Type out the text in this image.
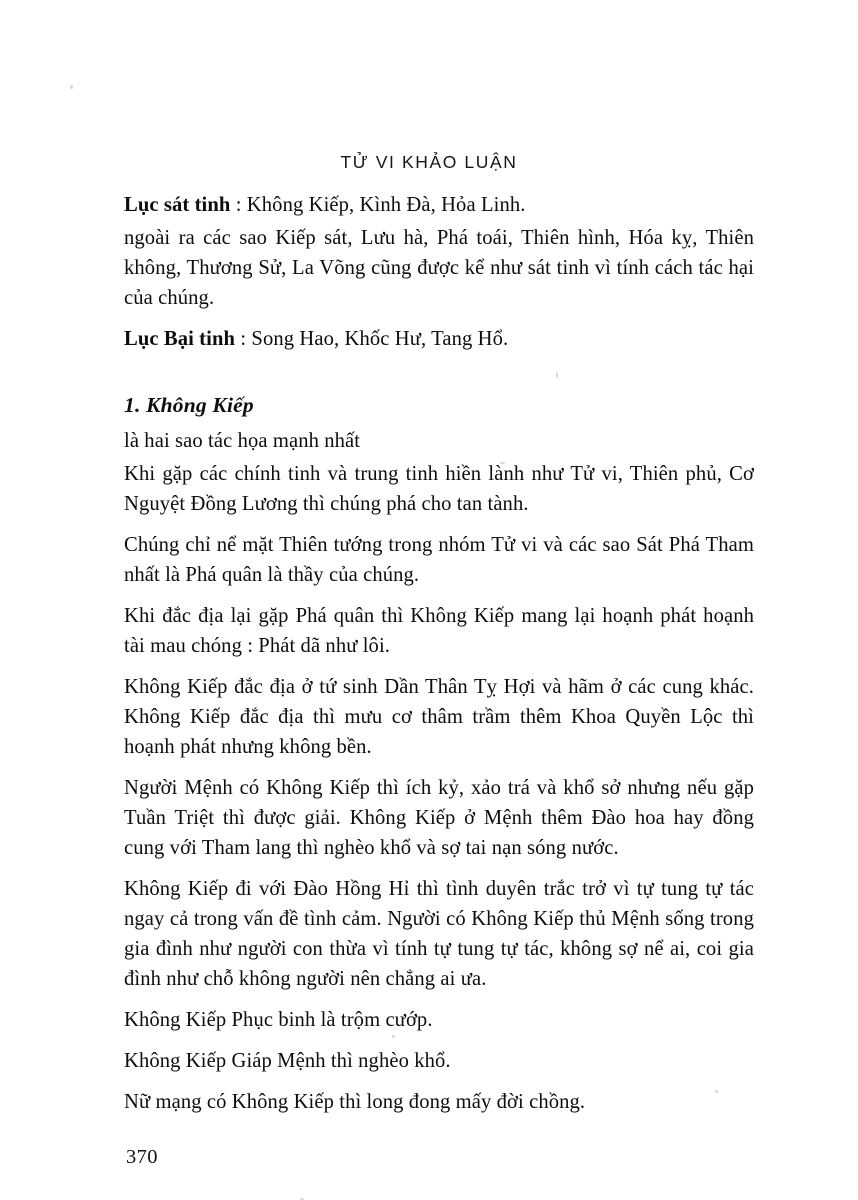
TỬ VI KHẢO LUẬN

Lục sát tinh : Không Kiếp, Kình Đà, Hỏa Linh.

ngoài ra các sao Kiếp sát, Lưu hà, Phá toái, Thiên hình, Hóa kỵ, Thiên không, Thương Sử, La Võng cũng được kể như sát tinh vì tính cách tác hại của chúng.

Lục Bại tinh : Song Hao, Khốc Hư, Tang Hổ.

1. Không Kiếp

là hai sao tác họa mạnh nhất

Khi gặp các chính tinh và trung tinh hiền lành như Tử vi, Thiên phủ, Cơ Nguyệt Đồng Lương thì chúng phá cho tan tành.

Chúng chỉ nể mặt Thiên tướng trong nhóm Tử vi và các sao Sát Phá Tham nhất là Phá quân là thầy của chúng.

Khi đắc địa lại gặp Phá quân thì Không Kiếp mang lại hoạnh phát hoạnh tài mau chóng : Phát dã như lôi.

Không Kiếp đắc địa ở tứ sinh Dần Thân Tỵ Hợi và hãm ở các cung khác. Không Kiếp đắc địa thì mưu cơ thâm trầm thêm Khoa Quyền Lộc thì hoạnh phát nhưng không bền.

Người Mệnh có Không Kiếp thì ích kỷ, xảo trá và khổ sở nhưng nếu gặp Tuần Triệt thì được giải. Không Kiếp ở Mệnh thêm Đào hoa hay đồng cung với Tham lang thì nghèo khổ và sợ tai nạn sóng nước.

Không Kiếp đi với Đào Hồng Hỉ thì tình duyên trắc trở vì tự tung tự tác ngay cả trong vấn đề tình cảm. Người có Không Kiếp thủ Mệnh sống trong gia đình như người con thừa vì tính tự tung tự tác, không sợ nể ai, coi gia đình như chỗ không người nên chẳng ai ưa.

Không Kiếp Phục binh là trộm cướp.

Không Kiếp Giáp Mệnh thì nghèo khổ.

Nữ mạng có Không Kiếp thì long đong mấy đời chồng.

370
